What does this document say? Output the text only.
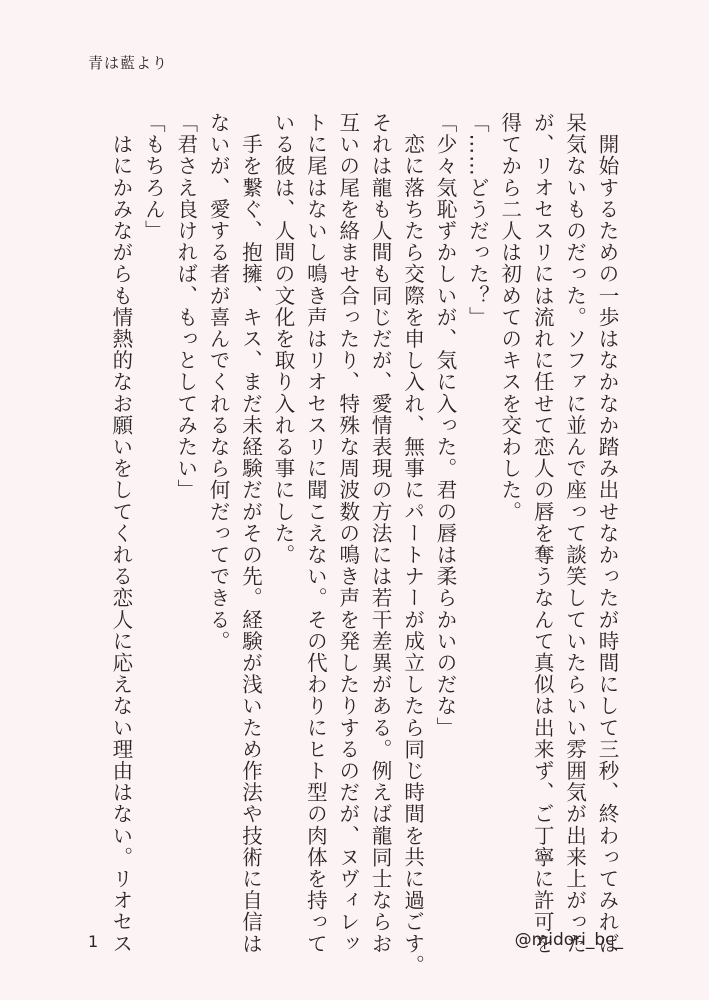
青は藍より
　開始するための一歩はなかなか踏み出せなかったが時間にして三秒、終わってみれば
呆気ないものだった。ソファに並んで座って談笑していたらいい雰囲気が出来上がった
が、リオセスリには流れに任せて恋人の唇を奪うなんて真似は出来ず、ご丁寧に許可を
得てから二人は初めてのキスを交わした。
「……どうだった？」
「少々気恥ずかしいが、気に入った。君の唇は柔らかいのだな」
　恋に落ちたら交際を申し入れ、無事にパートナーが成立したら同じ時間を共に過ごす。
それは龍も人間も同じだが、愛情表現の方法には若干差異がある。例えば龍同士ならお
互いの尾を絡ませ合ったり、特殊な周波数の鳴き声を発したりするのだが、ヌヴィレッ
トに尾はないし鳴き声はリオセスリに聞こえない。その代わりにヒト型の肉体を持って
いる彼は、人間の文化を取り入れる事にした。
　手を繋ぐ、抱擁、キス、まだ未経験だがその先。経験が浅いため作法や技術に自信は
ないが、愛する者が喜んでくれるなら何だってできる。
「君さえ良ければ、もっとしてみたい」
「もちろん」
　はにかみながらも情熱的なお願いをしてくれる恋人に応えない理由はない。リオセス
1	@midori_bc_
